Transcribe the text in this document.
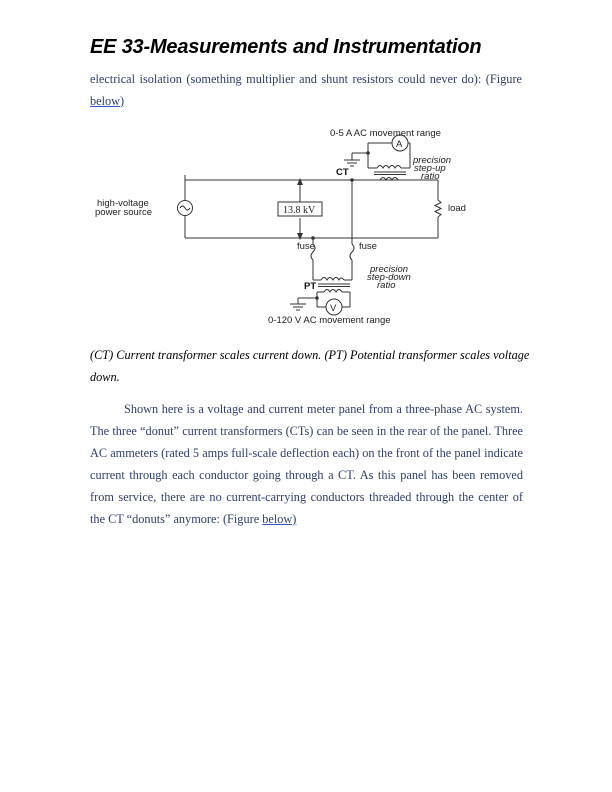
EE 33-Measurements and Instrumentation
electrical isolation (something multiplier and shunt resistors could never do): (Figure
below)
0-5 A AC movement range
A
CT
precision
step-up
ratio
high-voltage
power source	13.8 kV	load
fuse	fuse
PT
precision
step-down
ratio
V
0-120 V AC movement range
(CT) Current transformer scales current down. (PT) Potential transformer scales voltage down.
Shown here is a voltage and current meter panel from a three-phase AC system. The three “donut” current transformers (CTs) can be seen in the rear of the panel. Three AC ammeters (rated 5 amps full-scale deflection each) on the front of the panel indicate current through each conductor going through a CT. As this panel has been removed from service, there are no current-carrying conductors threaded through the center of the CT “donuts” anymore: (Figure below)
